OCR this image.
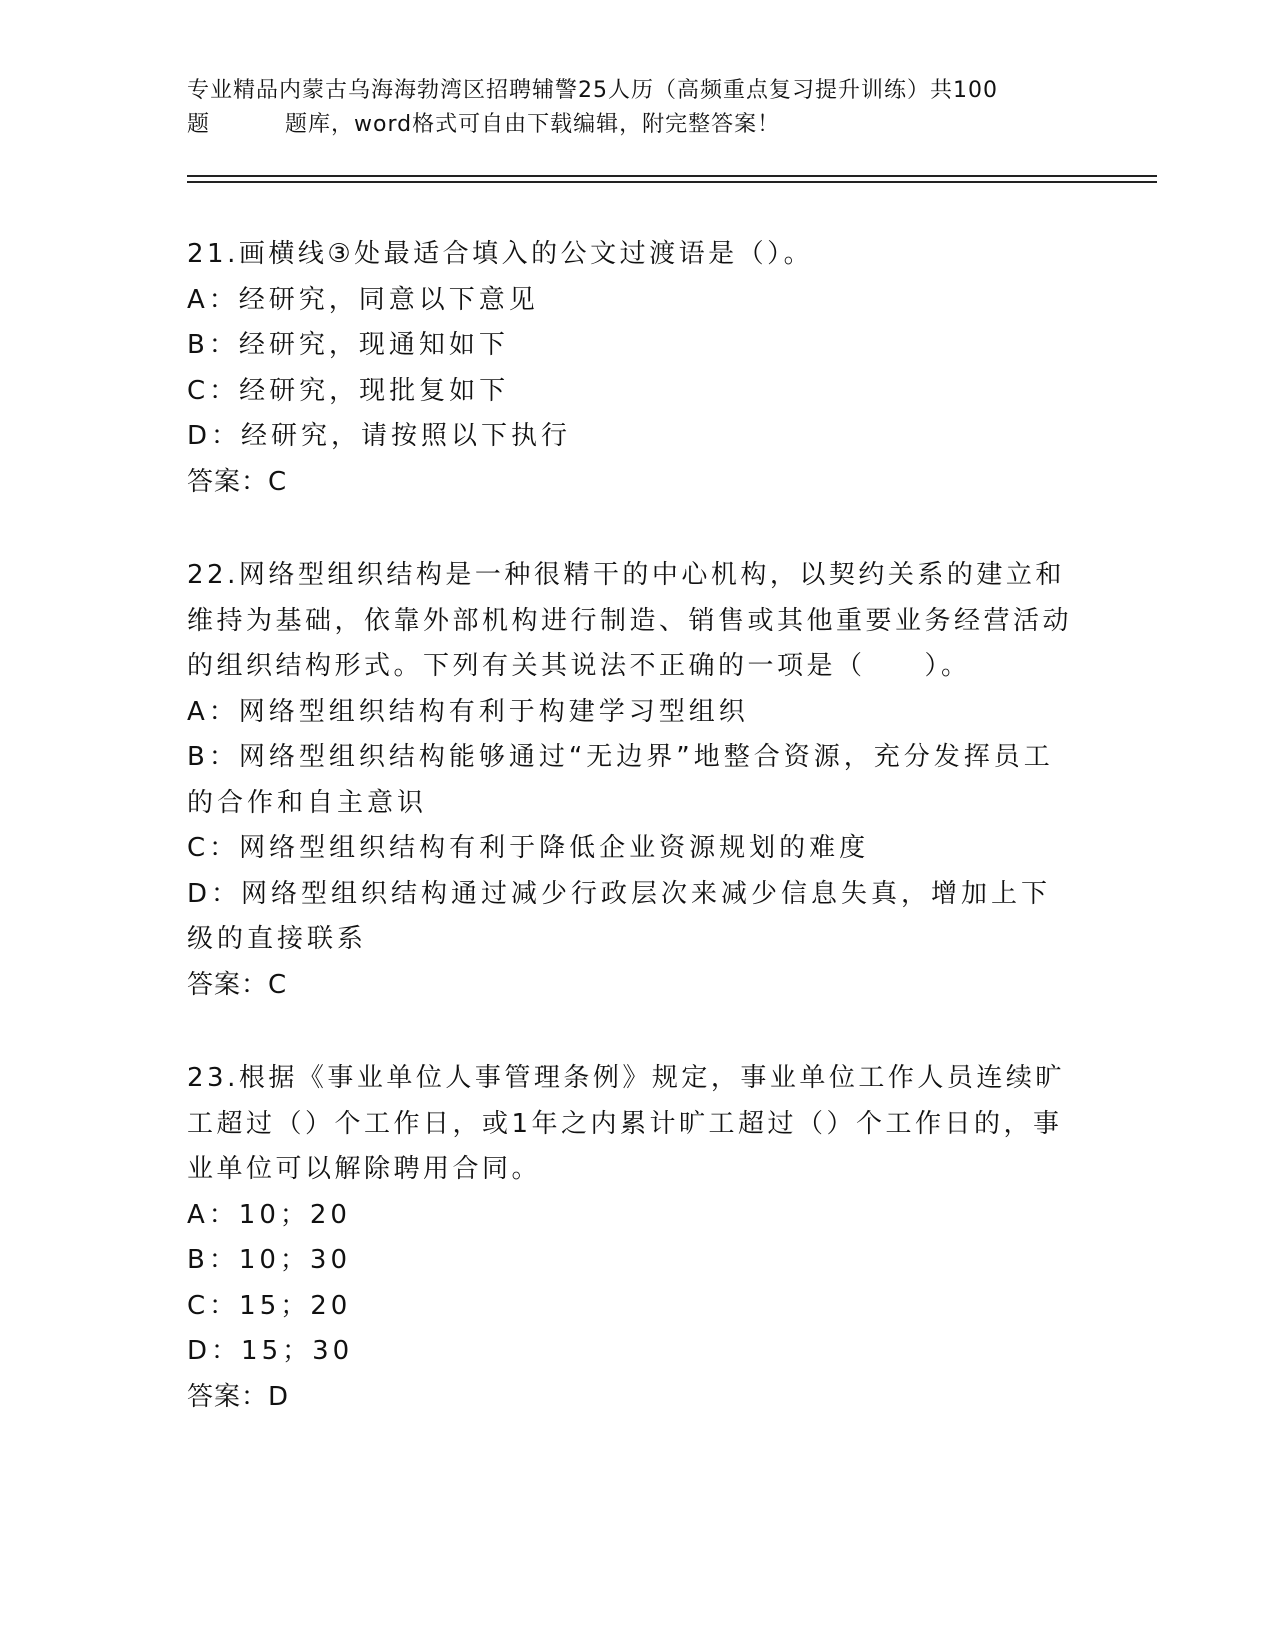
专业精品内蒙古乌海海勃湾区招聘辅警25人历（高频重点复习提升训练）共100
题	题库，word格式可自由下载编辑，附完整答案！
21.画横线③处最适合填入的公文过渡语是（）。
A：经研究，同意以下意见
B：经研究，现通知如下
C：经研究，现批复如下
D：经研究，请按照以下执行
答案：C
22.网络型组织结构是一种很精干的中心机构，以契约关系的建立和维持为基础，依靠外部机构进行制造、销售或其他重要业务经营活动的组织结构形式。下列有关其说法不正确的一项是（　　）。
A：网络型组织结构有利于构建学习型组织
B：网络型组织结构能够通过“无边界”地整合资源，充分发挥员工的合作和自主意识
C：网络型组织结构有利于降低企业资源规划的难度
D：网络型组织结构通过减少行政层次来减少信息失真，增加上下级的直接联系
答案：C
23.根据《事业单位人事管理条例》规定，事业单位工作人员连续旷工超过（）个工作日，或1年之内累计旷工超过（）个工作日的，事业单位可以解除聘用合同。
A：10；20
B：10；30
C：15；20
D：15；30
答案：D
